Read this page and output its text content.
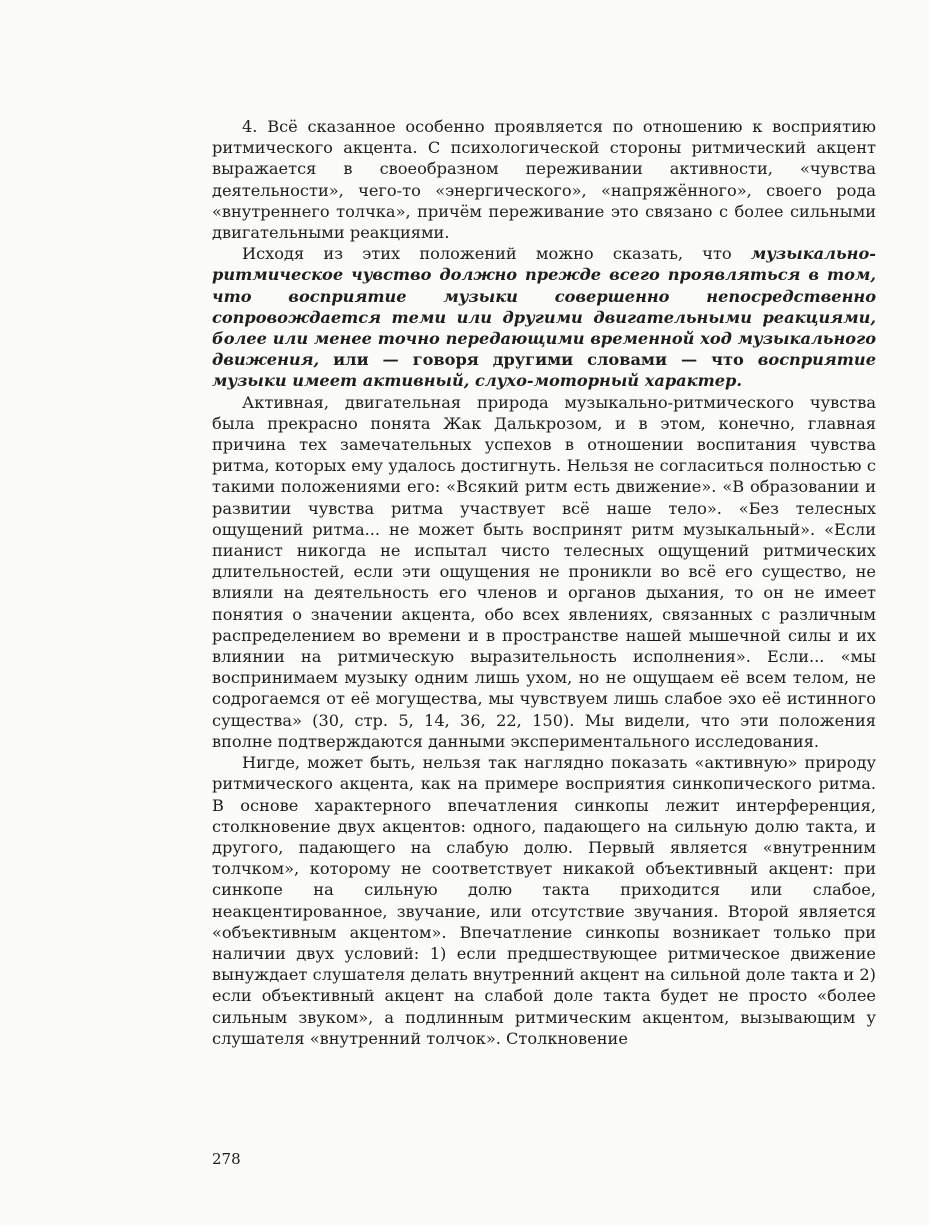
4. Всё сказанное особенно проявляется по отношению к восприятию ритмического акцента. С психологической стороны ритмический акцент выражается в своеобразном переживании активности, «чувства деятельности», чего-то «энергического», «напряжённого», своего рода «внутреннего толчка», причём переживание это связано с более сильными двигательными реакциями.

Исходя из этих положений можно сказать, что музыкально-ритмическое чувство должно прежде всего проявляться в том, что восприятие музыки совершенно непосредственно сопровождается теми или другими двигательными реакциями, более или менее точно передающими временной ход музыкального движения, или — говоря другими словами — что восприятие музыки имеет активный, слухо-моторный характер.

Активная, двигательная природа музыкально-ритмического чувства была прекрасно понята Жак Далькрозом, и в этом, конечно, главная причина тех замечательных успехов в отношении воспитания чувства ритма, которых ему удалось достигнуть. Нельзя не согласиться полностью с такими положениями его: «Всякий ритм есть движение». «В образовании и развитии чувства ритма участвует всё наше тело». «Без телесных ощущений ритма... не может быть воспринят ритм музыкальный». «Если пианист никогда не испытал чисто телесных ощущений ритмических длительностей, если эти ощущения не проникли во всё его существо, не влияли на деятельность его членов и органов дыхания, то он не имеет понятия о значении акцента, обо всех явлениях, связанных с различным распределением во времени и в пространстве нашей мышечной силы и их влиянии на ритмическую выразительность исполнения». Если... «мы воспринимаем музыку одним лишь ухом, но не ощущаем её всем телом, не содрогаемся от её могущества, мы чувствуем лишь слабое эхо её истинного существа» (30, стр. 5, 14, 36, 22, 150). Мы видели, что эти положения вполне подтверждаются данными экспериментального исследования.

Нигде, может быть, нельзя так наглядно показать «активную» природу ритмического акцента, как на примере восприятия синкопического ритма. В основе характерного впечатления синкопы лежит интерференция, столкновение двух акцентов: одного, падающего на сильную долю такта, и другого, падающего на слабую долю. Первый является «внутренним толчком», которому не соответствует никакой объективный акцент: при синкопе на сильную долю такта приходится или слабое, неакцентированное, звучание, или отсутствие звучания. Второй является «объективным акцентом». Впечатление синкопы возникает только при наличии двух условий: 1) если предшествующее ритмическое движение вынуждает слушателя делать внутренний акцент на сильной доле такта и 2) если объективный акцент на слабой доле такта будет не просто «более сильным звуком», а подлинным ритмическим акцентом, вызывающим у слушателя «внутренний толчок». Столкновение

278
